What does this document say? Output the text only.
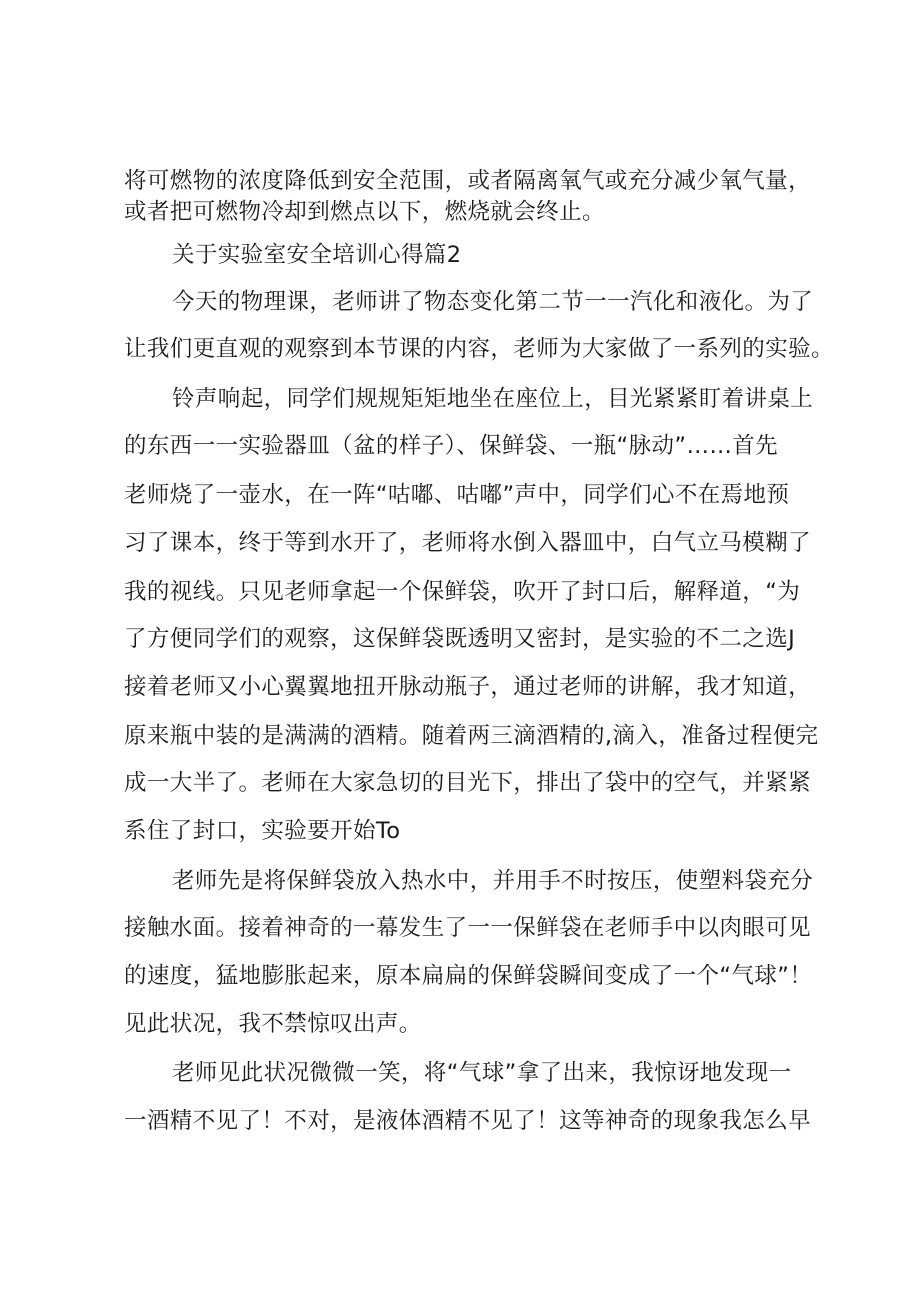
将可燃物的浓度降低到安全范围，或者隔离氧气或充分减少氧气量，
或者把可燃物冷却到燃点以下，燃烧就会终止。
关于实验室安全培训心得篇2
今天的物理课，老师讲了物态变化第二节一一汽化和液化。为了
让我们更直观的观察到本节课的内容，老师为大家做了一系列的实验。
铃声响起，同学们规规矩矩地坐在座位上，目光紧紧盯着讲桌上
的东西一一实验器皿（盆的样子）、保鲜袋、一瓶“脉动”……首先
老师烧了一壶水，在一阵“咕嘟、咕嘟”声中，同学们心不在焉地预
习了课本，终于等到水开了，老师将水倒入器皿中，白气立马模糊了
我的视线。只见老师拿起一个保鲜袋，吹开了封口后，解释道，“为
了方便同学们的观察，这保鲜袋既透明又密封，是实验的不二之选J
接着老师又小心翼翼地扭开脉动瓶子，通过老师的讲解，我才知道，
原来瓶中装的是满满的酒精。随着两三滴酒精的,滴入，准备过程便完
成一大半了。老师在大家急切的目光下，排出了袋中的空气，并紧紧
系住了封口，实验要开始To
老师先是将保鲜袋放入热水中，并用手不时按压，使塑料袋充分
接触水面。接着神奇的一幕发生了一一保鲜袋在老师手中以肉眼可见
的速度，猛地膨胀起来，原本扁扁的保鲜袋瞬间变成了一个“气球”！
见此状况，我不禁惊叹出声。
老师见此状况微微一笑，将“气球”拿了出来，我惊讶地发现一
一酒精不见了！不对，是液体酒精不见了！这等神奇的现象我怎么早
